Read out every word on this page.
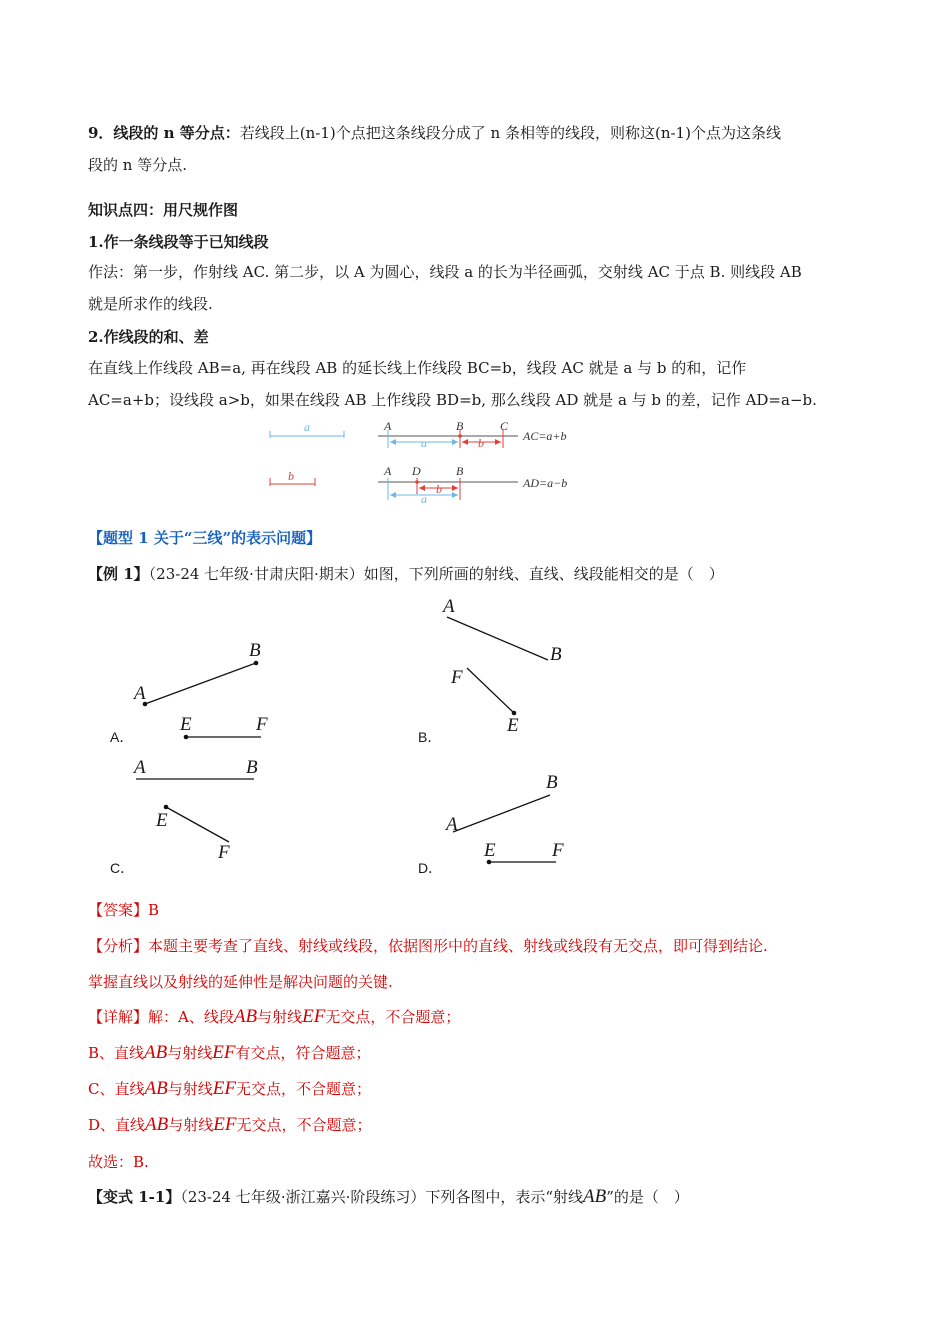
9．线段的 n 等分点：若线段上(n-1)个点把这条线段分成了 n 条相等的线段，则称这(n-1)个点为这条线
段的 n 等分点.
知识点四：用尺规作图
1.作一条线段等于已知线段
作法：第一步，作射线 AC. 第二步，以 A 为圆心，线段 a 的长为半径画弧，交射线 AC 于点 B. 则线段 AB
就是所求作的线段.
2.作线段的和、差
在直线上作线段 AB=a, 再在线段 AB 的延长线上作线段 BC=b，线段 AC 就是 a 与 b 的和，记作
AC=a+b；设线段 a>b，如果在线段 AB 上作线段 BD=b, 那么线段 AD 就是 a 与 b 的差，记作 AD=a−b.
a
b
A	B	C
a	b	AC=a+b
A D	B
b
a
AD=a−b
【题型 1 关于“三线”的表示问题】
【例 1】（23-24 七年级·甘肃庆阳·期末）如图，下列所画的射线、直线、线段能相交的是（　）
A
B
E	F
A．
A
B
F
E
B．
A	B
E
F
C．
A
B
E	F
D．
【答案】B
【分析】本题主要考查了直线、射线或线段，依据图形中的直线、射线或线段有无交点，即可得到结论.
掌握直线以及射线的延伸性是解决问题的关键.
【详解】解：A、线段AB与射线EF无交点，不合题意；
B、直线AB与射线EF有交点，符合题意；
C、直线AB与射线EF无交点，不合题意；
D、直线AB与射线EF无交点，不合题意；
故选：B.
【变式 1-1】（23-24 七年级·浙江嘉兴·阶段练习）下列各图中，表示“射线AB”的是（　）
